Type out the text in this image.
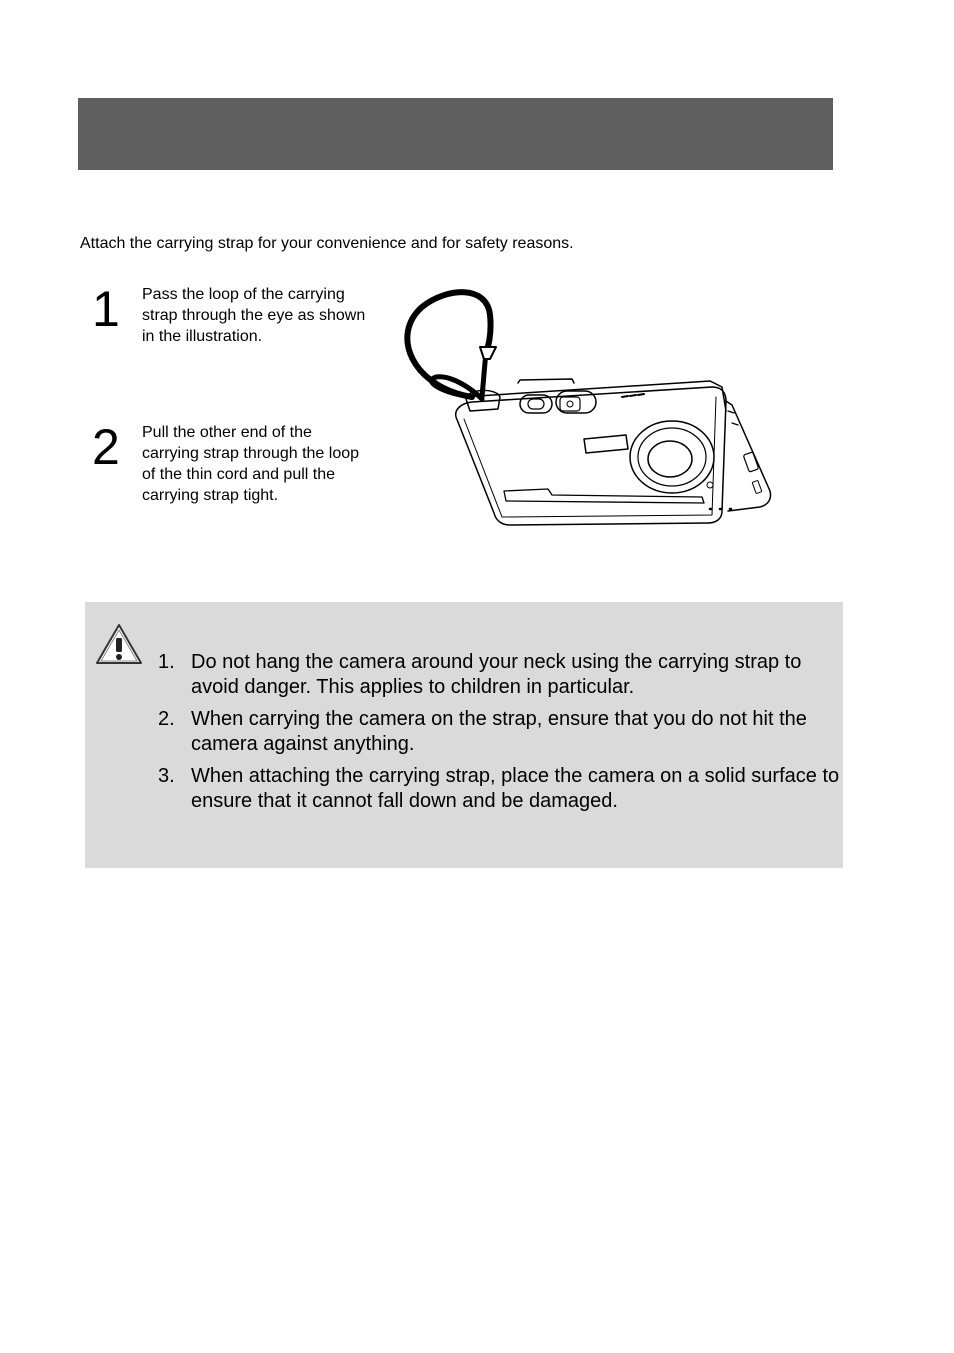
Attach the carrying strap for your convenience and for safety reasons.
1 Pass the loop of the carrying strap through the eye as shown in the illustration.
2 Pull the other end of the carrying strap through the loop of the thin cord and pull the carrying strap tight.
1. Do not hang the camera around your neck using the carrying strap to avoid danger. This applies to children in particular.
2. When carrying the camera on the strap, ensure that you do not hit the camera against anything.
3. When attaching the carrying strap, place the camera on a solid surface to ensure that it cannot fall down and be damaged.
